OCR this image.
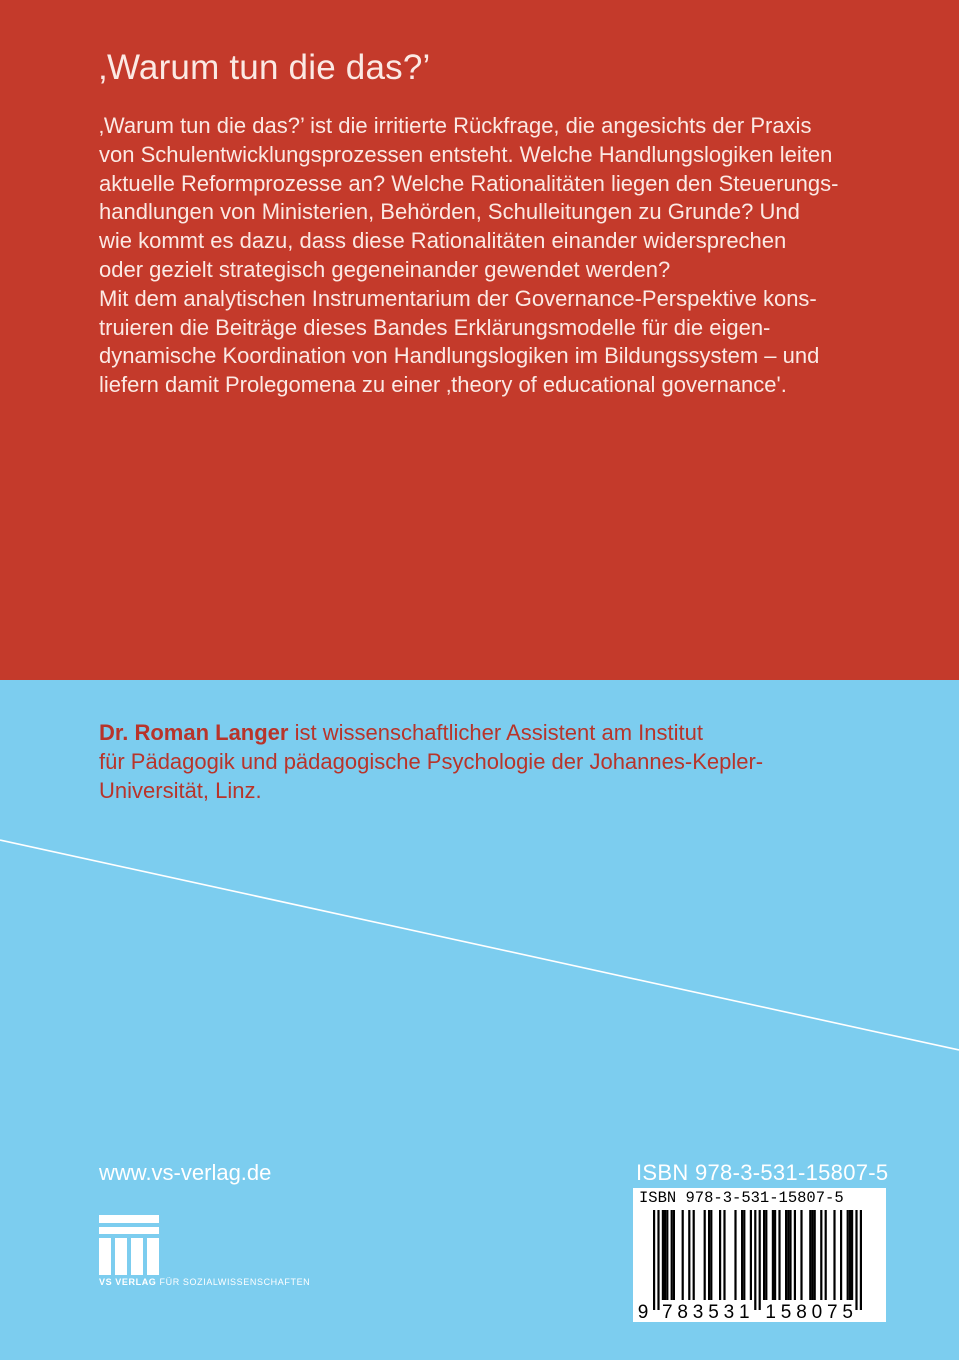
‚Warum tun die das?’

‚Warum tun die das?’ ist die irritierte Rückfrage, die angesichts der Praxis

von Schulentwicklungsprozessen entsteht. Welche Handlungslogiken leiten

aktuelle Reformprozesse an? Welche Rationalitäten liegen den Steuerungs-

handlungen von Ministerien, Behörden, Schulleitungen zu Grunde? Und

wie kommt es dazu, dass diese Rationalitäten einander widersprechen

oder gezielt strategisch gegeneinander gewendet werden?

Mit dem analytischen Instrumentarium der Governance-Perspektive kons-

truieren die Beiträge dieses Bandes Erklärungsmodelle für die eigen-

dynamische Koordination von Handlungslogiken im Bildungssystem – und

liefern damit Prolegomena zu einer ‚theory of educational governance'.

Dr. Roman Langer ist wissenschaftlicher Assistent am Institut
für Pädagogik und pädagogische Psychologie der Johannes-Kepler-
Universität, Linz.
www.vs-verlag.de
VS VERLAG FÜR SOZIALWISSENSCHAFTEN
ISBN 978-3-531-15807-5
ISBN 978-3-531-15807-5
9 7 8 3 5 3 1 1 5 8 0 7 5
